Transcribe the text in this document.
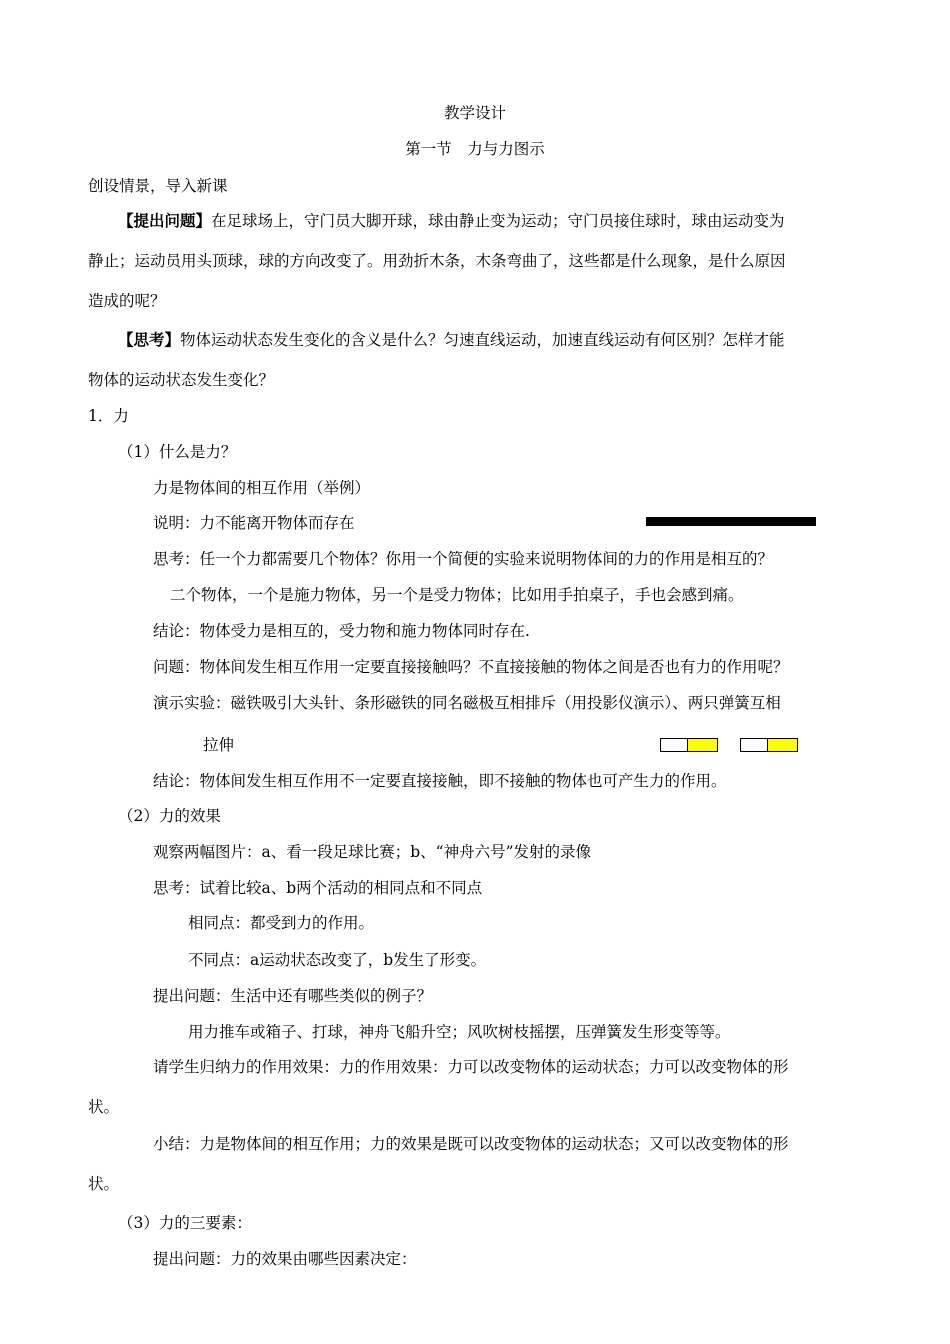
教学设计
第一节　力与力图示
创设情景，导入新课
【提出问题】在足球场上，守门员大脚开球，球由静止变为运动；守门员接住球时，球由运动变为
静止；运动员用头顶球，球的方向改变了。用劲折木条，木条弯曲了，这些都是什么现象，是什么原因
造成的呢？
【思考】物体运动状态发生变化的含义是什么？匀速直线运动，加速直线运动有何区别？怎样才能
物体的运动状态发生变化？
1．力
（1）什么是力？
力是物体间的相互作用（举例）
说明：力不能离开物体而存在
思考：任一个力都需要几个物体？你用一个简便的实验来说明物体间的力的作用是相互的？
二个物体，一个是施力物体，另一个是受力物体；比如用手拍桌子，手也会感到痛。
结论：物体受力是相互的，受力物和施力物体同时存在.
问题：物体间发生相互作用一定要直接接触吗？不直接接触的物体之间是否也有力的作用呢？
演示实验：磁铁吸引大头针、条形磁铁的同名磁极互相排斥（用投影仪演示）、两只弹簧互相
拉伸
结论：物体间发生相互作用不一定要直接接触，即不接触的物体也可产生力的作用。
（2）力的效果
观察两幅图片：a、看一段足球比赛；b、“神舟六号”发射的录像
思考：试着比较a、b两个活动的相同点和不同点
相同点：都受到力的作用。
不同点：a运动状态改变了，b发生了形变。
提出问题：生活中还有哪些类似的例子？
用力推车或箱子、打球，神舟飞船升空；风吹树枝摇摆，压弹簧发生形变等等。
请学生归纳力的作用效果：力的作用效果：力可以改变物体的运动状态；力可以改变物体的形
状。
小结：力是物体间的相互作用；力的效果是既可以改变物体的运动状态；又可以改变物体的形
状。
（3）力的三要素：
提出问题：力的效果由哪些因素决定：
